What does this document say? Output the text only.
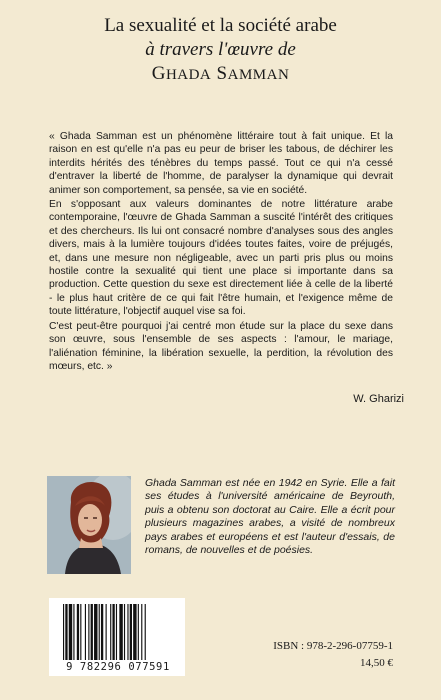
La sexualité et la société arabe
à travers l'œuvre de
GHADA SAMMAN

« Ghada Samman est un phénomène littéraire tout à fait unique. Et la raison en est qu'elle n'a pas eu peur de briser les tabous, de déchirer les interdits hérités des ténèbres du temps passé. Tout ce qui n'a cessé d'entraver la liberté de l'homme, de paralyser la dynamique qui devrait animer son comportement, sa pensée, sa vie en société.

En s'opposant aux valeurs dominantes de notre littérature arabe contemporaine, l'œuvre de Ghada Samman a suscité l'intérêt des critiques et des chercheurs. Ils lui ont consacré nombre d'analyses sous des angles divers, mais à la lumière toujours d'idées toutes faites, voire de préjugés, et, dans une mesure non négligeable, avec un parti pris plus ou moins hostile contre la sexualité qui tient une place si importante dans sa production. Cette question du sexe est directement liée à celle de la liberté - le plus haut critère de ce qui fait l'être humain, et l'exigence même de toute littérature, l'objectif auquel vise sa foi.

C'est peut-être pourquoi j'ai centré mon étude sur la place du sexe dans son œuvre, sous l'ensemble de ses aspects : l'amour, le mariage, l'aliénation féminine, la libération sexuelle, la perdition, la révolution des mœurs, etc. »

W. Gharizi
Ghada Samman est née en 1942 en Syrie. Elle a fait ses études à l'université américaine de Beyrouth, puis a obtenu son doctorat au Caire. Elle a écrit pour plusieurs magazines arabes, a visité de nombreux pays arabes et européens et est l'auteur d'essais, de romans, de nouvelles et de poésies.
9 782296 077591
ISBN : 978-2-296-07759-1
14,50 €
